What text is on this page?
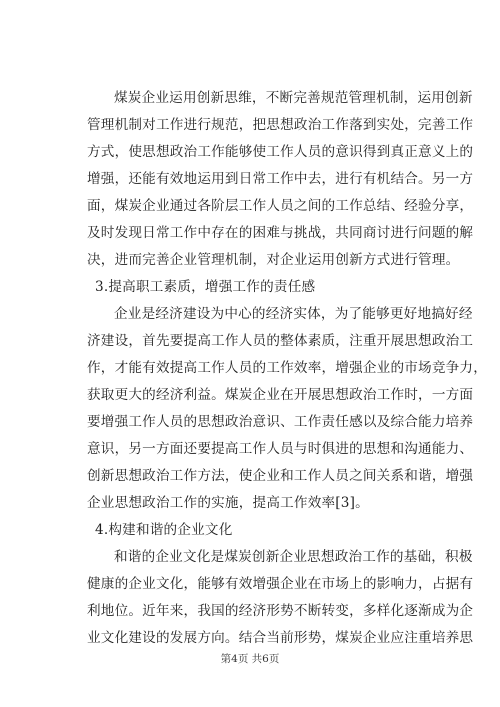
煤炭企业运用创新思维，不断完善规范管理机制，运用创新
管理机制对工作进行规范，把思想政治工作落到实处，完善工作
方式，使思想政治工作能够使工作人员的意识得到真正意义上的
增强，还能有效地运用到日常工作中去，进行有机结合。另一方
面，煤炭企业通过各阶层工作人员之间的工作总结、经验分享，
及时发现日常工作中存在的困难与挑战，共同商讨进行问题的解
决，进而完善企业管理机制，对企业运用创新方式进行管理。
3.提高职工素质，增强工作的责任感
企业是经济建设为中心的经济实体，为了能够更好地搞好经
济建设，首先要提高工作人员的整体素质，注重开展思想政治工
作，才能有效提高工作人员的工作效率，增强企业的市场竞争力，
获取更大的经济利益。煤炭企业在开展思想政治工作时，一方面
要增强工作人员的思想政治意识、工作责任感以及综合能力培养
意识，另一方面还要提高工作人员与时俱进的思想和沟通能力、
创新思想政治工作方法，使企业和工作人员之间关系和谐，增强
企业思想政治工作的实施，提高工作效率[3]。
4.构建和谐的企业文化
和谐的企业文化是煤炭创新企业思想政治工作的基础，积极
健康的企业文化，能够有效增强企业在市场上的影响力，占据有
利地位。近年来，我国的经济形势不断转变，多样化逐渐成为企
业文化建设的发展方向。结合当前形势，煤炭企业应注重培养思
第4页 共6页
